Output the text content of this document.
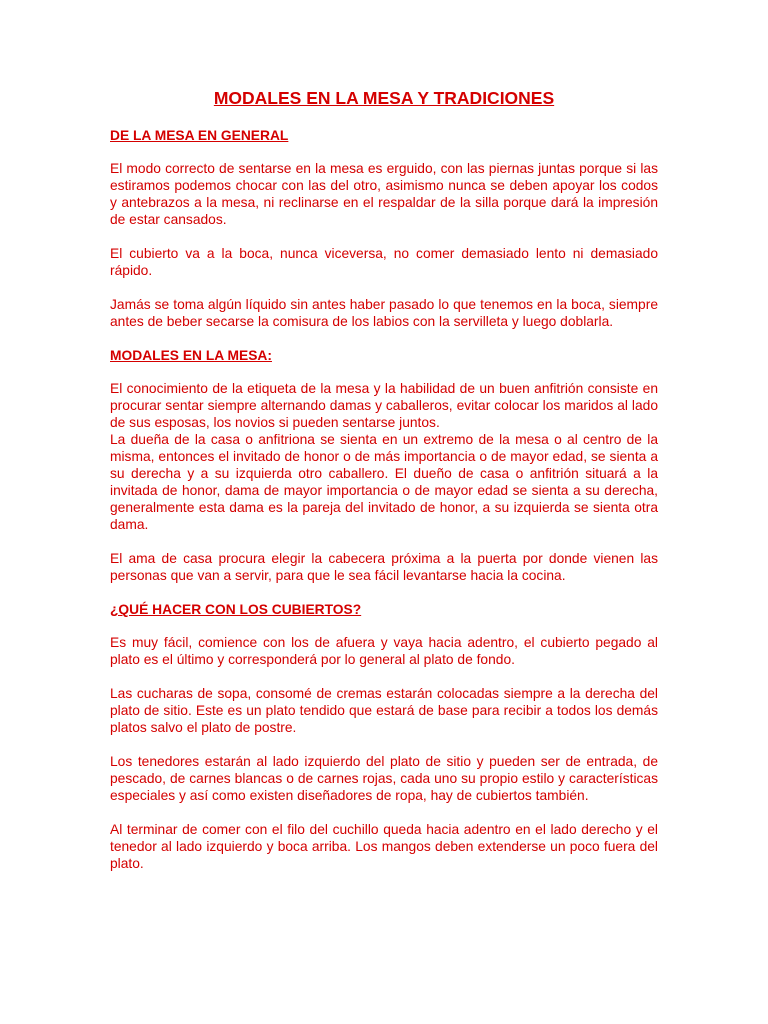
MODALES EN LA MESA Y TRADICIONES
DE LA MESA EN GENERAL

El modo correcto de sentarse en la mesa es erguido, con las piernas juntas porque si las estiramos podemos chocar con las del otro, asimismo nunca se deben apoyar los codos y antebrazos a la mesa, ni reclinarse en el respaldar de la silla porque dará la impresión de estar cansados.

El cubierto va a la boca, nunca viceversa, no comer demasiado lento ni demasiado rápido.

Jamás se toma algún líquido sin antes haber pasado lo que tenemos en la boca, siempre antes de beber secarse la comisura de los labios con la servilleta y luego doblarla.

MODALES EN LA MESA:

El conocimiento de la etiqueta de la mesa y la habilidad de un buen anfitrión consiste en procurar sentar siempre alternando damas y caballeros, evitar colocar los maridos al lado de sus esposas, los novios si pueden sentarse juntos.

La dueña de la casa o anfitriona se sienta en un extremo de la mesa o al centro de la misma, entonces el invitado de honor o de más importancia o de mayor edad, se sienta a su derecha y a su izquierda otro caballero. El dueño de casa o anfitrión situará a la invitada de honor, dama de mayor importancia o de mayor edad se sienta a su derecha, generalmente esta dama es la pareja del invitado de honor, a su izquierda se sienta otra dama.

El ama de casa procura elegir la cabecera próxima a la puerta por donde vienen las personas que van a servir, para que le sea fácil levantarse hacia la cocina.

¿QUÉ HACER CON LOS CUBIERTOS?

Es muy fácil, comience con los de afuera y vaya hacia adentro, el cubierto pegado al plato es el último y corresponderá por lo general al plato de fondo.

Las cucharas de sopa, consomé de cremas estarán colocadas siempre a la derecha del plato de sitio. Este es un plato tendido que estará de base para recibir a todos los demás platos salvo el plato de postre.

Los tenedores estarán al lado izquierdo del plato de sitio y pueden ser de entrada, de pescado, de carnes blancas o de carnes rojas, cada uno su propio estilo y características especiales y así como existen diseñadores de ropa, hay de cubiertos también.

Al terminar de comer con el filo del cuchillo queda hacia adentro en el lado derecho y el tenedor al lado izquierdo y boca arriba. Los mangos deben extenderse un poco fuera del plato.
